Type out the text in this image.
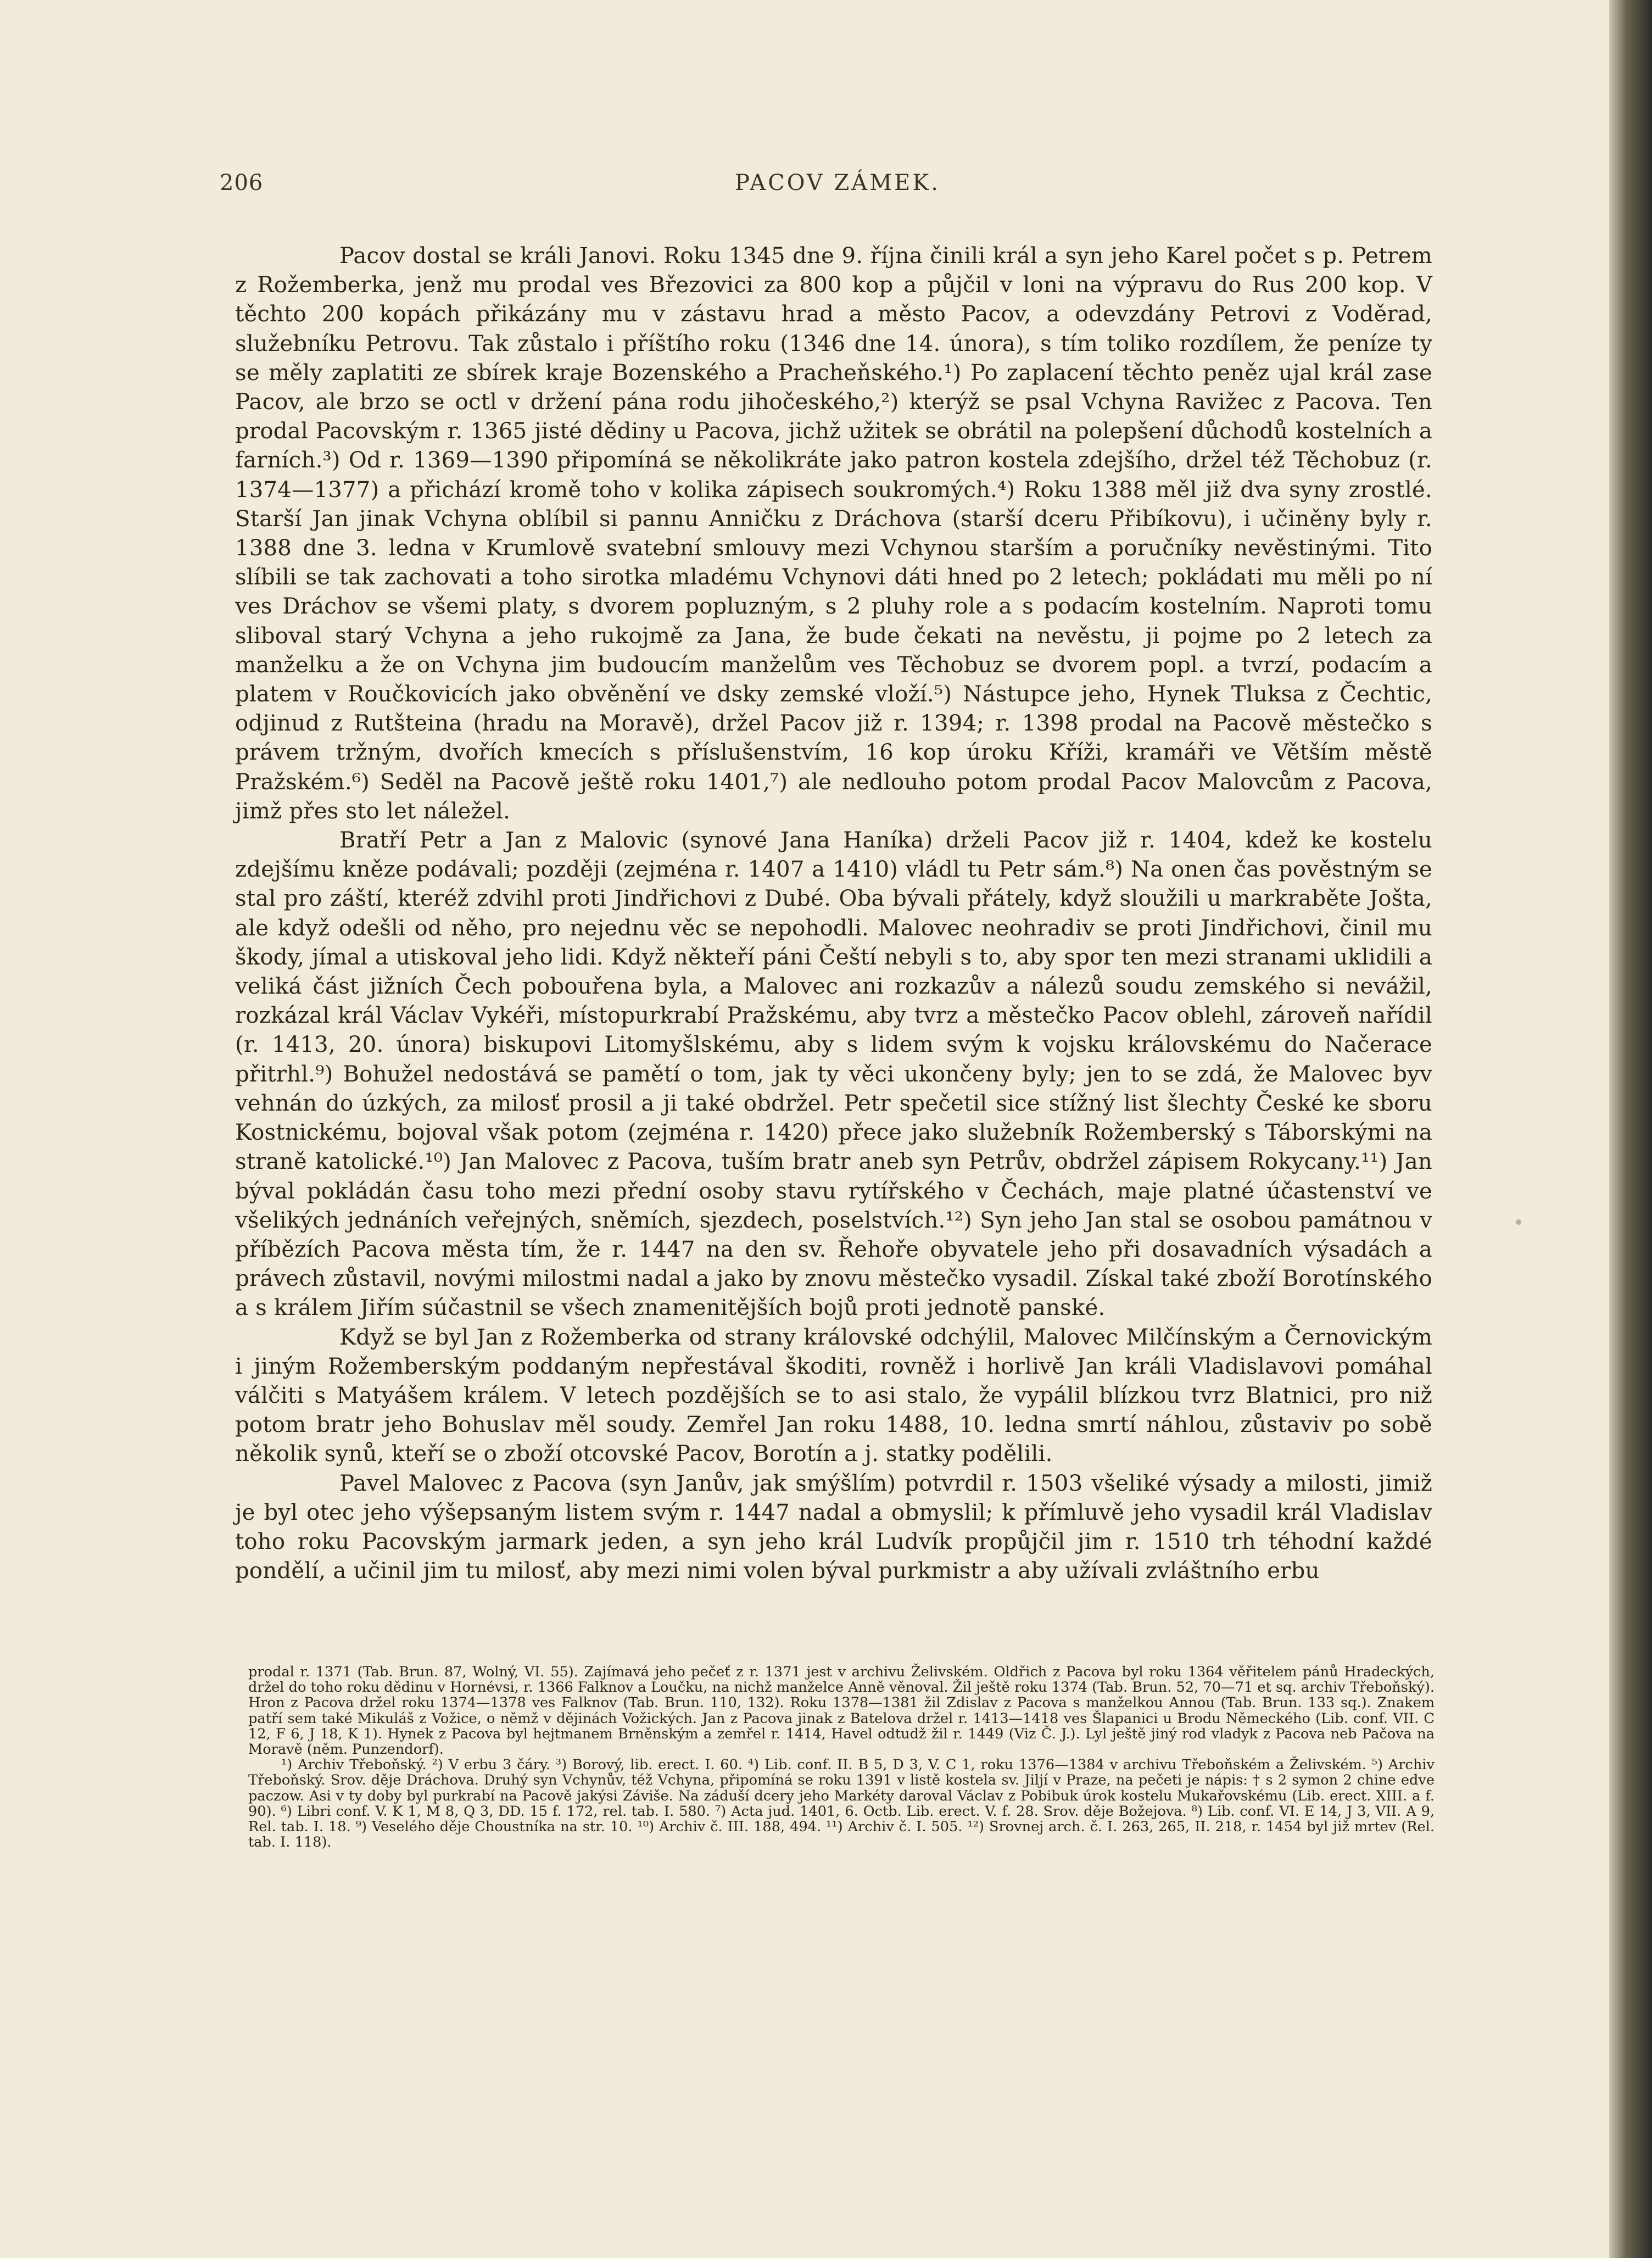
206	PACOV ZÁMEK.

Pacov dostal se králi Janovi. Roku 1345 dne 9. října činili král a syn jeho Karel počet s p. Petrem z Rožemberka, jenž mu prodal ves Březovici za 800 kop a půjčil v loni na výpravu do Rus 200 kop. V těchto 200 kopách přikázány mu v zástavu hrad a město Pacov, a odevzdány Petrovi z Voděrad, služebníku Petrovu. Tak zůstalo i příštího roku (1346 dne 14. února), s tím toliko rozdílem, že peníze ty se měly zaplatiti ze sbírek kraje Bozenského a Pracheňského.¹) Po zaplacení těchto peněz ujal král zase Pacov, ale brzo se octl v držení pána rodu jihočeského,²) kterýž se psal Vchyna Ravižec z Pacova. Ten prodal Pacovským r. 1365 jisté dědiny u Pacova, jichž užitek se obrátil na polepšení důchodů kostelních a farních.³) Od r. 1369—1390 připomíná se několikráte jako patron kostela zdejšího, držel též Těchobuz (r. 1374—1377) a přichází kromě toho v kolika zápisech soukromých.⁴) Roku 1388 měl již dva syny zrostlé. Starší Jan jinak Vchyna oblíbil si pannu Anničku z Dráchova (starší dceru Přibíkovu), i učiněny byly r. 1388 dne 3. ledna v Krumlově svatební smlouvy mezi Vchynou starším a poručníky nevěstinými. Tito slíbili se tak zachovati a toho sirotka mladému Vchynovi dáti hned po 2 letech; pokládati mu měli po ní ves Dráchov se všemi platy, s dvorem popluzným, s 2 pluhy role a s podacím kostelním. Naproti tomu sliboval starý Vchyna a jeho rukojmě za Jana, že bude čekati na nevěstu, ji pojme po 2 letech za manželku a že on Vchyna jim budoucím manželům ves Těchobuz se dvorem popl. a tvrzí, podacím a platem v Roučkovicích jako obvěnění ve dsky zemské vloží.⁵) Nástupce jeho, Hynek Tluksa z Čechtic, odjinud z Rutšteina (hradu na Moravě), držel Pacov již r. 1394; r. 1398 prodal na Pacově městečko s právem tržným, dvořích kmecích s příslušenstvím, 16 kop úroku Kříži, kramáři ve Větším městě Pražském.⁶) Seděl na Pacově ještě roku 1401,⁷) ale nedlouho potom prodal Pacov Malovcům z Pacova, jimž přes sto let náležel.

Bratří Petr a Jan z Malovic (synové Jana Haníka) drželi Pacov již r. 1404, kdež ke kostelu zdejšímu kněze podávali; později (zejména r. 1407 a 1410) vládl tu Petr sám.⁸) Na onen čas pověstným se stal pro záští, kteréž zdvihl proti Jindřichovi z Dubé. Oba bývali přátely, když sloužili u markraběte Jošta, ale když odešli od něho, pro nejednu věc se nepohodli. Malovec neohradiv se proti Jindřichovi, činil mu škody, jímal a utiskoval jeho lidi. Když někteří páni Čeští nebyli s to, aby spor ten mezi stranami uklidili a veliká část jižních Čech pobouřena byla, a Malovec ani rozkazův a nálezů soudu zemského si nevážil, rozkázal král Václav Vykéři, místopurkrabí Pražskému, aby tvrz a městečko Pacov oblehl, zároveň nařídil (r. 1413, 20. února) biskupovi Litomyšlskému, aby s lidem svým k vojsku královskému do Načerace přitrhl.⁹) Bohužel nedostává se pamětí o tom, jak ty věci ukončeny byly; jen to se zdá, že Malovec byv vehnán do úzkých, za milosť prosil a ji také obdržel. Petr spečetil sice stížný list šlechty České ke sboru Kostnickému, bojoval však potom (zejména r. 1420) přece jako služebník Rožemberský s Táborskými na straně katolické.¹⁰) Jan Malovec z Pacova, tuším bratr aneb syn Petrův, obdržel zápisem Rokycany.¹¹) Jan býval pokládán času toho mezi přední osoby stavu rytířského v Čechách, maje platné účastenství ve všelikých jednáních veřejných, sněmích, sjezdech, poselstvích.¹²) Syn jeho Jan stal se osobou památnou v příbězích Pacova města tím, že r. 1447 na den sv. Řehoře obyvatele jeho při dosavadních výsadách a právech zůstavil, novými milostmi nadal a jako by znovu městečko vysadil. Získal také zboží Borotínského a s králem Jiřím súčastnil se všech znamenitějších bojů proti jednotě panské.

Když se byl Jan z Rožemberka od strany královské odchýlil, Malovec Milčínským a Černovickým i jiným Rožemberským poddaným nepřestával škoditi, rovněž i horlivě Jan králi Vladislavovi pomáhal válčiti s Matyášem králem. V letech pozdějších se to asi stalo, že vypálil blízkou tvrz Blatnici, pro niž potom bratr jeho Bohuslav měl soudy. Zemřel Jan roku 1488, 10. ledna smrtí náhlou, zůstaviv po sobě několik synů, kteří se o zboží otcovské Pacov, Borotín a j. statky podělili.

Pavel Malovec z Pacova (syn Janův, jak smýšlím) potvrdil r. 1503 všeliké výsady a milosti, jimiž je byl otec jeho výšepsaným listem svým r. 1447 nadal a obmyslil; k přímluvě jeho vysadil král Vladislav toho roku Pacovským jarmark jeden, a syn jeho král Ludvík propůjčil jim r. 1510 trh téhodní každé pondělí, a učinil jim tu milosť, aby mezi nimi volen býval purkmistr a aby užívali zvláštního erbu

prodal r. 1371 (Tab. Brun. 87, Wolný, VI. 55). Zajímavá jeho pečeť z r. 1371 jest v archivu Želivském. Oldřich z Pacova byl roku 1364 věřitelem pánů Hradeckých, držel do toho roku dědinu v Hornévsi, r. 1366 Falknov a Loučku, na nichž manželce Anně věnoval. Žil ještě roku 1374 (Tab. Brun. 52, 70—71 et sq. archiv Třeboňský). Hron z Pacova držel roku 1374—1378 ves Falknov (Tab. Brun. 110, 132). Roku 1378—1381 žil Zdislav z Pacova s manželkou Annou (Tab. Brun. 133 sq.). Znakem patří sem také Mikuláš z Vožice, o němž v dějinách Vožických. Jan z Pacova jinak z Batelova držel r. 1413—1418 ves Šlapanici u Brodu Německého (Lib. conf. VII. C 12, F 6, J 18, K 1). Hynek z Pacova byl hejtmanem Brněnským a zemřel r. 1414, Havel odtudž žil r. 1449 (Viz Č. J.). Lyl ještě jiný rod vladyk z Pacova neb Pačova na Moravě (něm. Punzendorf).

¹) Archiv Třeboňský. ²) V erbu 3 čáry. ³) Borový, lib. erect. I. 60. ⁴) Lib. conf. II. B 5, D 3, V. C 1, roku 1376—1384 v archivu Třeboňském a Želivském. ⁵) Archiv Třeboňský. Srov. děje Dráchova. Druhý syn Vchynův, též Vchyna, připomíná se roku 1391 v listě kostela sv. Jiljí v Praze, na pečeti je nápis: † s 2 symon 2 chine edve paczow. Asi v ty doby byl purkrabí na Pacově jakýsi Záviše. Na záduší dcery jeho Markéty daroval Václav z Pobibuk úrok kostelu Mukařovskému (Lib. erect. XIII. a f. 90). ⁶) Libri conf. V. K 1, M 8, Q 3, DD. 15 f. 172, rel. tab. I. 580. ⁷) Acta jud. 1401, 6. Octb. Lib. erect. V. f. 28. Srov. děje Božejova. ⁸) Lib. conf. VI. E 14, J 3, VII. A 9, Rel. tab. I. 18. ⁹) Veselého děje Choustníka na str. 10. ¹⁰) Archiv č. III. 188, 494. ¹¹) Archiv č. I. 505. ¹²) Srovnej arch. č. I. 263, 265, II. 218, r. 1454 byl již mrtev (Rel. tab. I. 118).
